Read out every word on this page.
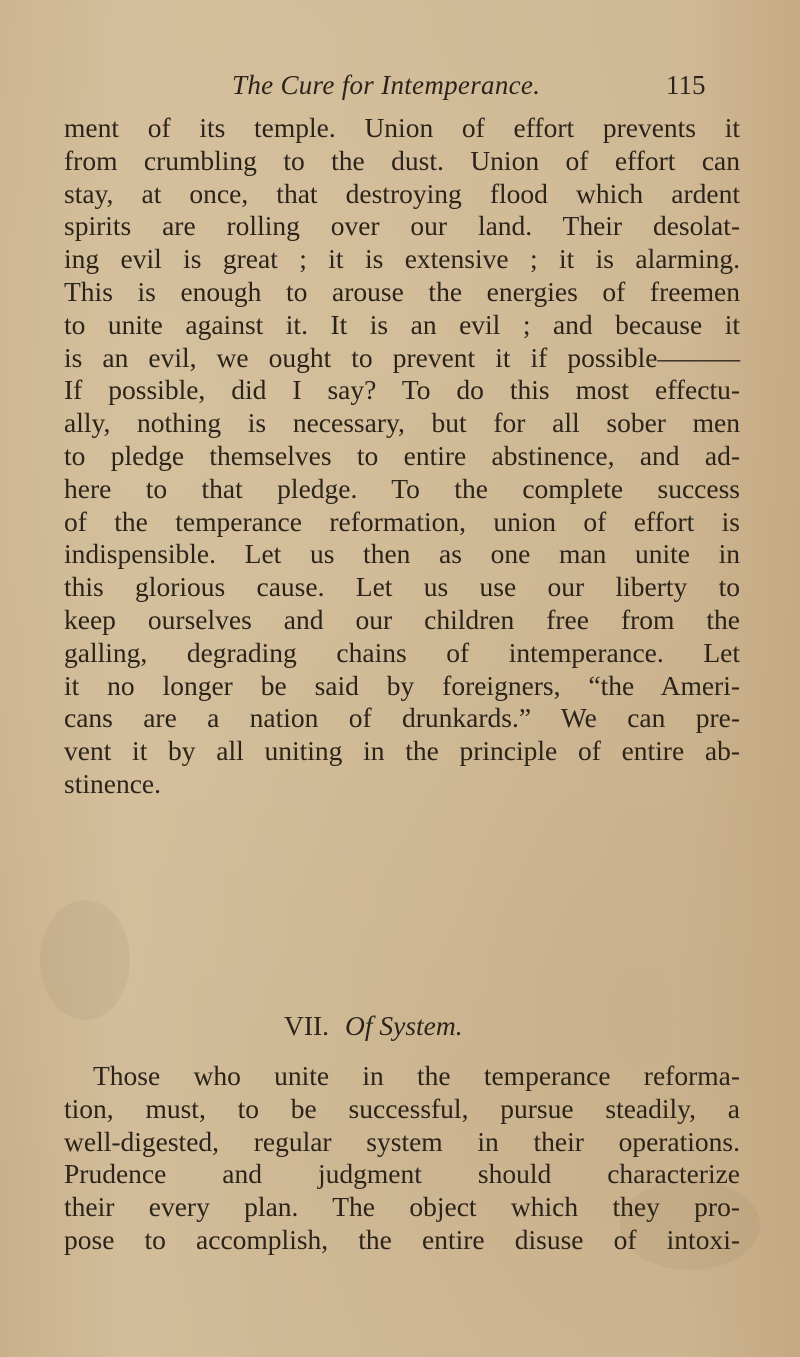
The Cure for Intemperance.	115
ment of its temple. Union of effort prevents it
from crumbling to the dust. Union of effort can
stay, at once, that destroying flood which ardent
spirits are rolling over our land. Their desolat-
ing evil is great ; it is extensive ; it is alarming.
This is enough to arouse the energies of freemen
to unite against it. It is an evil ; and because it
is an evil, we ought to prevent it if possible———
If possible, did I say? To do this most effectu-
ally, nothing is necessary, but for all sober men
to pledge themselves to entire abstinence, and ad-
here to that pledge. To the complete success
of the temperance reformation, union of effort is
indispensible. Let us then as one man unite in
this glorious cause. Let us use our liberty to
keep ourselves and our children free from the
galling, degrading chains of intemperance. Let
it no longer be said by foreigners, “the Ameri-
cans are a nation of drunkards.” We can pre-
vent it by all uniting in the principle of entire ab-
stinence.
VII. Of System.
Those who unite in the temperance reforma-
tion, must, to be successful, pursue steadily, a
well-digested, regular system in their operations.
Prudence and judgment should characterize
their every plan. The object which they pro-
pose to accomplish, the entire disuse of intoxi-
